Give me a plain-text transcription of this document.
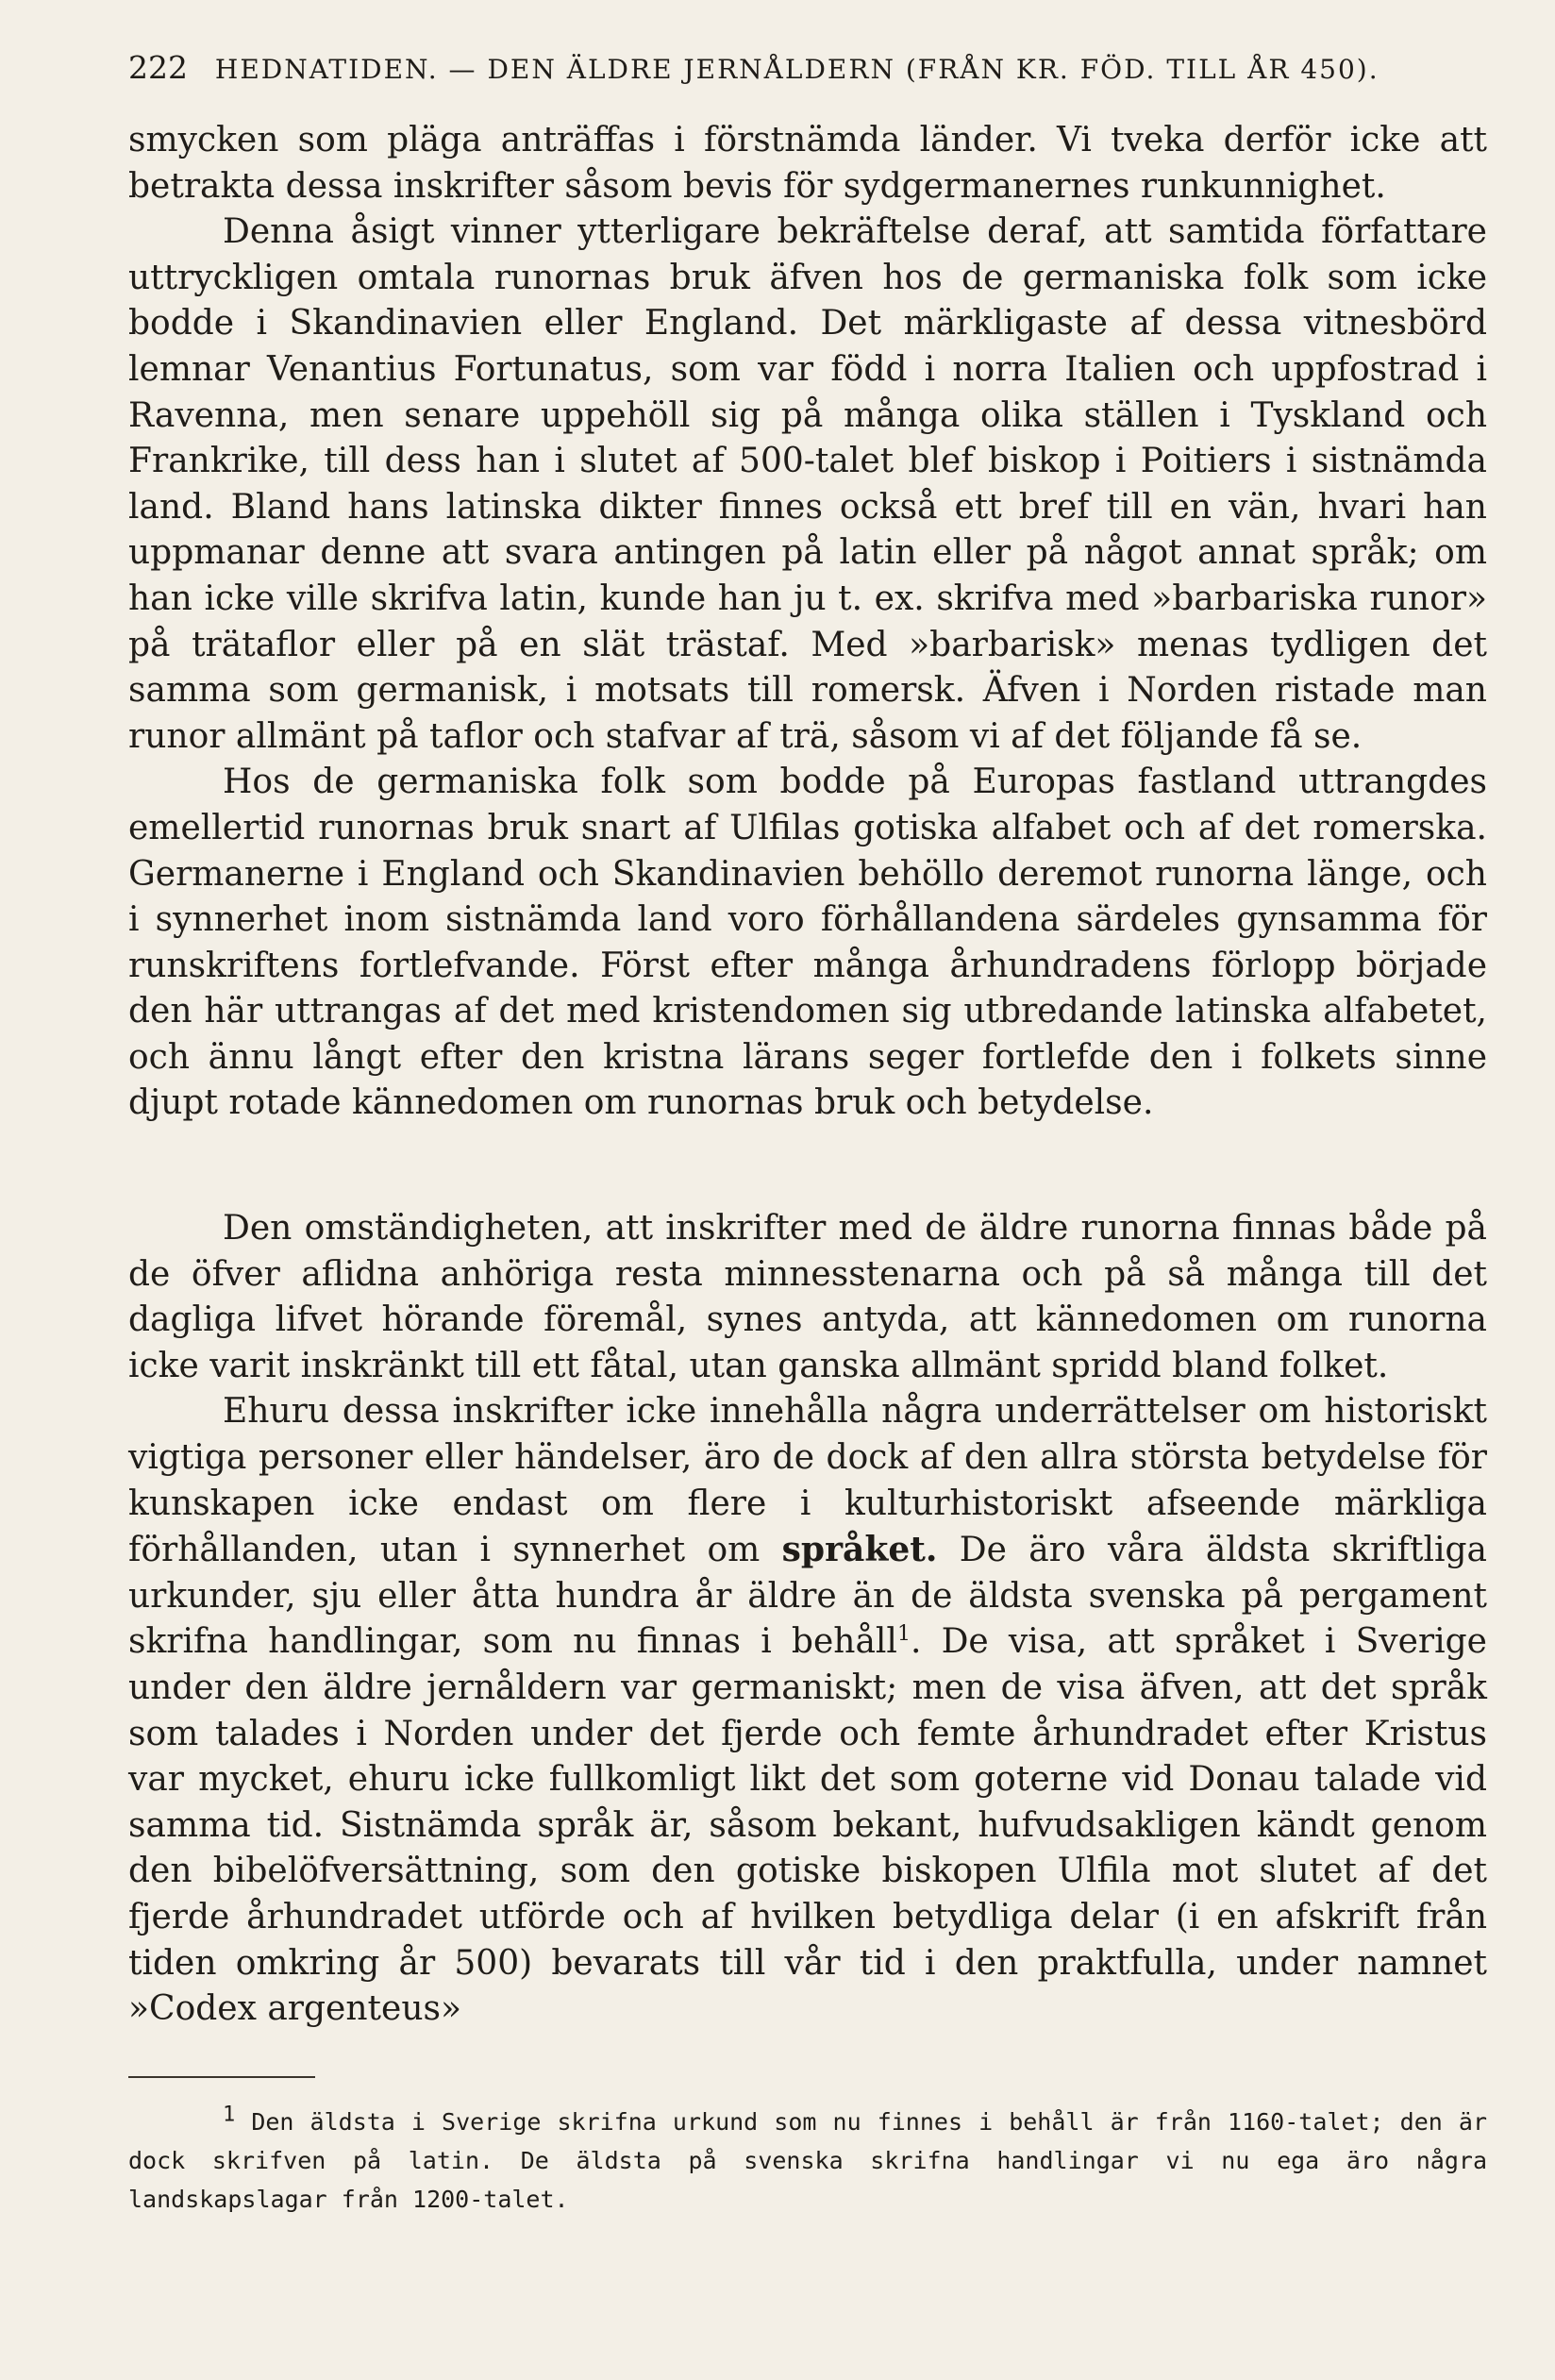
222 HEDNATIDEN. — DEN ÄLDRE JERNÅLDERN (FRÅN KR. FÖD. TILL ÅR 450).

smycken som pläga anträffas i förstnämda länder. Vi tveka derför icke att betrakta dessa inskrifter såsom bevis för sydgermanernes runkunnighet.

Denna åsigt vinner ytterligare bekräftelse deraf, att samtida författare uttryckligen omtala runornas bruk äfven hos de germaniska folk som icke bodde i Skandinavien eller England. Det märkligaste af dessa vitnesbörd lemnar Venantius Fortunatus, som var född i norra Italien och uppfostrad i Ravenna, men senare uppehöll sig på många olika ställen i Tyskland och Frankrike, till dess han i slutet af 500-talet blef biskop i Poitiers i sistnämda land. Bland hans latinska dikter finnes också ett bref till en vän, hvari han uppmanar denne att svara antingen på latin eller på något annat språk; om han icke ville skrifva latin, kunde han ju t. ex. skrifva med »barbariska runor» på trätaflor eller på en slät trästaf. Med »barbarisk» menas tydligen det samma som germanisk, i motsats till romersk. Äfven i Norden ristade man runor allmänt på taflor och stafvar af trä, såsom vi af det följande få se.

Hos de germaniska folk som bodde på Europas fastland uttrangdes emellertid runornas bruk snart af Ulfilas gotiska alfabet och af det romerska. Germanerne i England och Skandinavien behöllo deremot runorna länge, och i synnerhet inom sistnämda land voro förhållandena särdeles gynsamma för runskriftens fortlefvande. Först efter många århundradens förlopp började den här uttrangas af det med kristendomen sig utbredande latinska alfabetet, och ännu långt efter den kristna lärans seger fortlefde den i folkets sinne djupt rotade kännedomen om runornas bruk och betydelse.

Den omständigheten, att inskrifter med de äldre runorna finnas både på de öfver aflidna anhöriga resta minnesstenarna och på så många till det dagliga lifvet hörande föremål, synes antyda, att kännedomen om runorna icke varit inskränkt till ett fåtal, utan ganska allmänt spridd bland folket.

Ehuru dessa inskrifter icke innehålla några underrättelser om historiskt vigtiga personer eller händelser, äro de dock af den allra största betydelse för kunskapen icke endast om flere i kulturhistoriskt afseende märkliga förhållanden, utan i synnerhet om språket. De äro våra äldsta skriftliga urkunder, sju eller åtta hundra år äldre än de äldsta svenska på pergament skrifna handlingar, som nu finnas i behåll$^1$. De visa, att språket i Sverige under den äldre jernåldern var germaniskt; men de visa äfven, att det språk som talades i Norden under det fjerde och femte århundradet efter Kristus var mycket, ehuru icke fullkomligt likt det som goterne vid Donau talade vid samma tid. Sistnämda språk är, såsom bekant, hufvudsakligen kändt genom den bibelöfversättning, som den gotiske biskopen Ulfila mot slutet af det fjerde århundradet utförde och af hvilken betydliga delar (i en afskrift från tiden omkring år 500) bevarats till vår tid i den praktfulla, under namnet »Codex argenteus»

1 Den äldsta i Sverige skrifna urkund som nu finnes i behåll är från 1160-talet; den är dock skrifven på latin. De äldsta på svenska skrifna handlingar vi nu ega äro några landskapslagar från 1200-talet.
